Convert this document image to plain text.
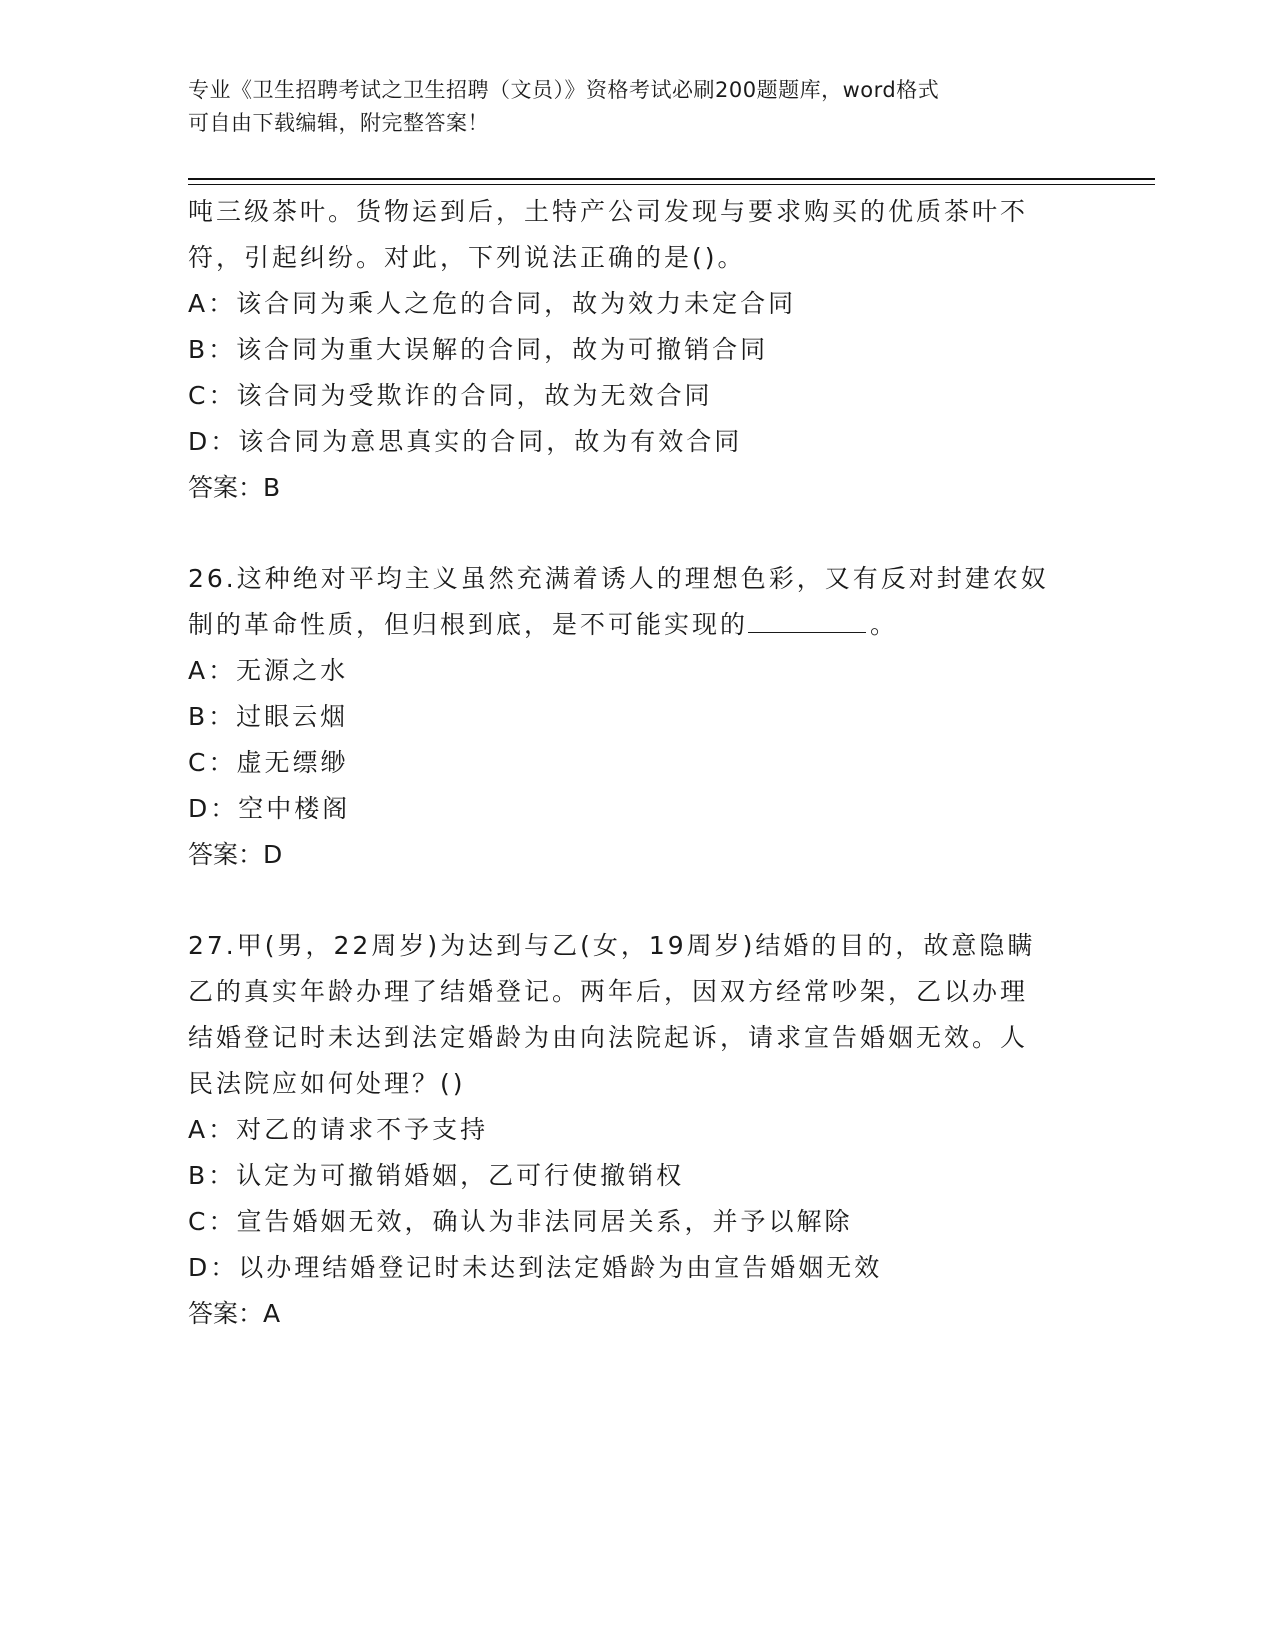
专业《卫生招聘考试之卫生招聘（文员）》资格考试必刷200题题库，word格式
可自由下载编辑，附完整答案！
吨三级茶叶。货物运到后，土特产公司发现与要求购买的优质茶叶不
符，引起纠纷。对此，下列说法正确的是()。
A：该合同为乘人之危的合同，故为效力未定合同
B：该合同为重大误解的合同，故为可撤销合同
C：该合同为受欺诈的合同，故为无效合同
D：该合同为意思真实的合同，故为有效合同
答案：B
26.这种绝对平均主义虽然充满着诱人的理想色彩，又有反对封建农奴
制的革命性质，但归根到底，是不可能实现的	。
A：无源之水
B：过眼云烟
C：虚无缥缈
D：空中楼阁
答案：D
27.甲(男，22周岁)为达到与乙(女，19周岁)结婚的目的，故意隐瞒
乙的真实年龄办理了结婚登记。两年后，因双方经常吵架，乙以办理
结婚登记时未达到法定婚龄为由向法院起诉，请求宣告婚姻无效。人
民法院应如何处理？()
A：对乙的请求不予支持
B：认定为可撤销婚姻，乙可行使撤销权
C：宣告婚姻无效，确认为非法同居关系，并予以解除
D：以办理结婚登记时未达到法定婚龄为由宣告婚姻无效
答案：A
